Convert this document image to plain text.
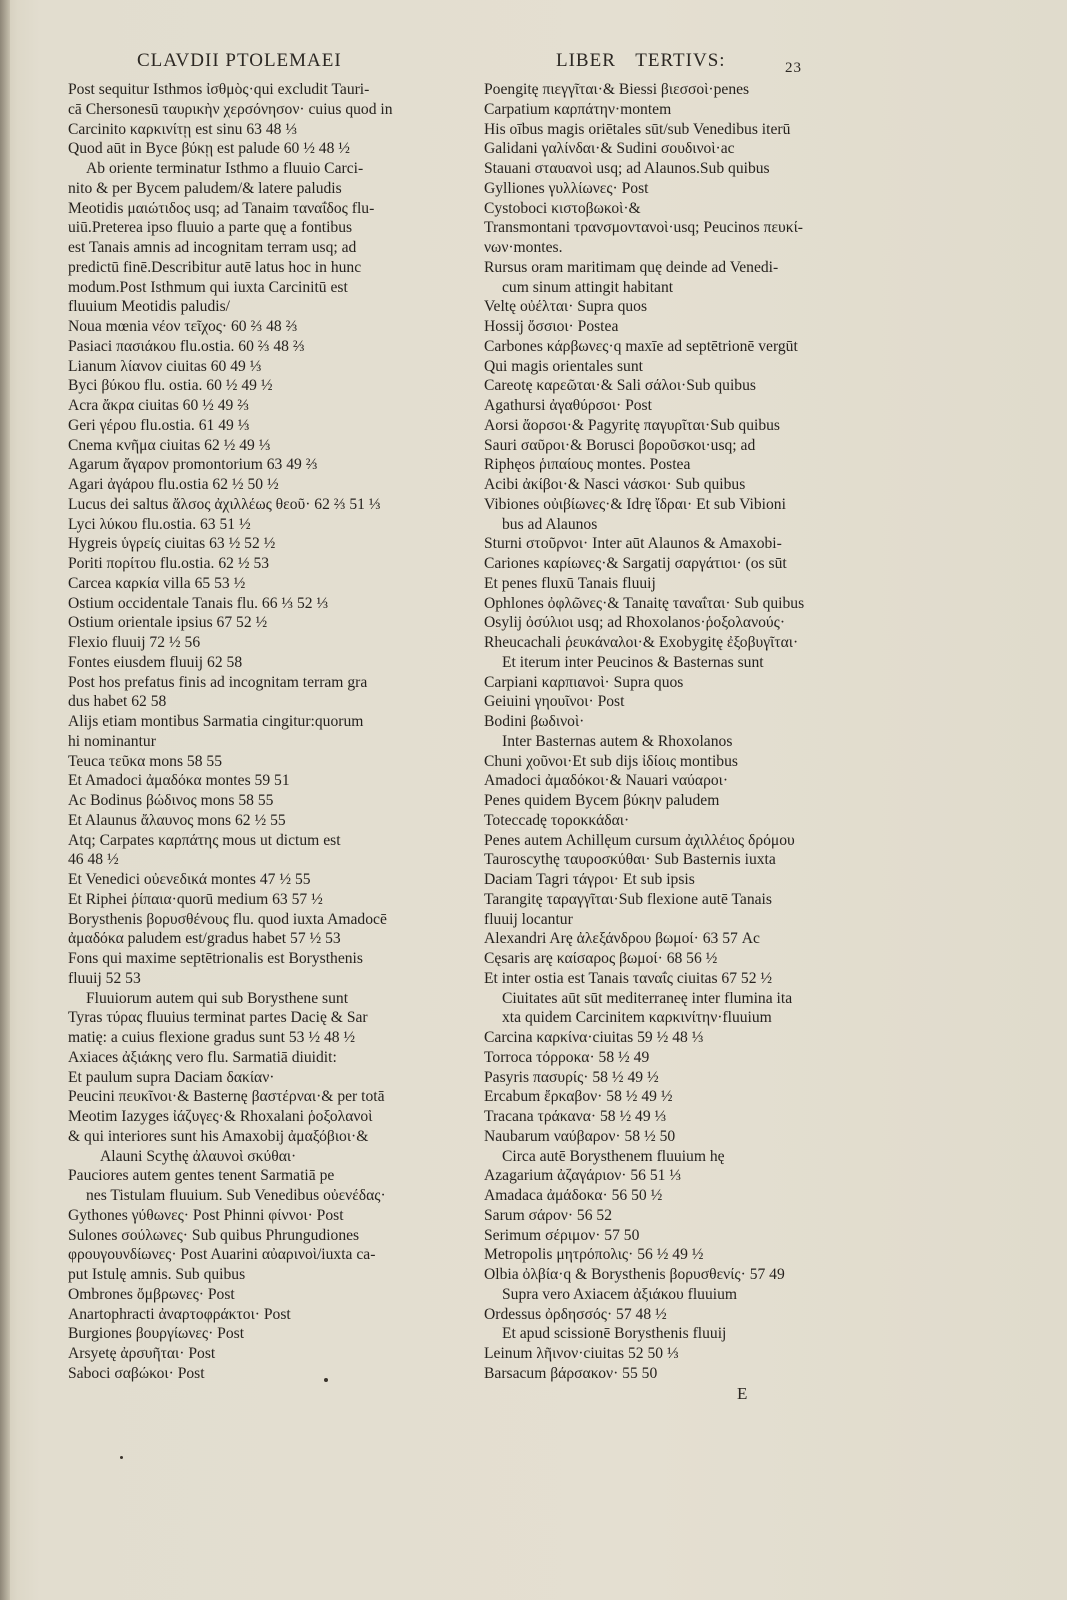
CLAVDII PTOLEMAEI	LIBER TERTIVS:	23
Post sequitur Isthmos ἰσθμὸς·qui excludit Tauri-
cā Chersonesū ταυρικὴν χερσόνησον· cuius quod in
Carcinito καρκινίτῃ est sinu 63 48 ⅓
Quod aūt in Byce βύκῃ est palude 60 ½ 48 ½
Ab oriente terminatur Isthmo a fluuio Carci-
nito & per Bycem paludem/& latere paludis
Meotidis μαιώτιδος usq; ad Tanaim ταναΐδος flu-
uiū.Preterea ipso fluuio a parte quę a fontibus
est Tanais amnis ad incognitam terram usq; ad
predictū finē.Describitur autē latus hoc in hunc
modum.Post Isthmum qui iuxta Carcinitū est
fluuium Meotidis paludis/
Noua mœnia νέον τεῖχος· 60 ⅔ 48 ⅔
Pasiaci πασιάκου flu.ostia. 60 ⅔ 48 ⅔
Lianum λίανον ciuitas 60 49 ⅓
Byci βύκου flu. ostia. 60 ½ 49 ½
Acra ἄκρα ciuitas 60 ½ 49 ⅔
Geri γέρου flu.ostia. 61 49 ⅓
Cnema κνῆμα ciuitas 62 ½ 49 ⅓
Agarum ἄγαρον promontorium 63 49 ⅔
Agari ἀγάρου flu.ostia 62 ½ 50 ½
Lucus dei saltus ἄλσος ἀχιλλέως θεοῦ· 62 ⅔ 51 ⅓
Lyci λύκου flu.ostia. 63 51 ½
Hygreis ὑγρείς ciuitas 63 ½ 52 ½
Poriti πορίτου flu.ostia. 62 ½ 53
Carcea καρκία villa 65 53 ½
Ostium occidentale Tanais flu. 66 ⅓ 52 ⅓
Ostium orientale ipsius 67 52 ½
Flexio fluuij 72 ½ 56
Fontes eiusdem fluuij 62 58
Post hos prefatus finis ad incognitam terram gra
dus habet 62 58
Alijs etiam montibus Sarmatia cingitur:quorum
hi nominantur
Teuca τεῦκα mons 58 55
Et Amadoci ἀμαδόκα montes 59 51
Ac Bodinus βώδινος mons 58 55
Et Alaunus ἄλαυνος mons 62 ½ 55
Atq; Carpates καρπάτης mous ut dictum est
46 48 ½
Et Venedici οὐενεδικά montes 47 ½ 55
Et Riphei ῥίπαια·quorū medium 63 57 ½
Borysthenis βορυσθένους flu. quod iuxta Amadocē
ἀμαδόκα paludem est/gradus habet 57 ½ 53
Fons qui maxime septētrionalis est Borysthenis
fluuij 52 53
Fluuiorum autem qui sub Borysthene sunt
Tyras τύρας fluuius terminat partes Dacię & Sar
matię: a cuius flexione gradus sunt 53 ½ 48 ½
Axiaces ἀξιάκης vero flu. Sarmatiā diuidit:
Et paulum supra Daciam δακίαν·
Peucini πευκῖνοι·& Basternę βαστέρναι·& per totā
Meotim Iazyges ἰάζυγες·& Rhoxalani ῥοξολανοὶ
& qui interiores sunt his Amaxobij ἀμαξόβιοι·&
Alauni Scythę ἀλαυνοὶ σκύθαι·
Pauciores autem gentes tenent Sarmatiā pe
nes Tistulam fluuium. Sub Venedibus οὐενέδας·
Gythones γύθωνες· Post Phinni φίννοι· Post
Sulones σούλωνες· Sub quibus Phrungudiones
φρουγουνδίωνες· Post Auarini αὐαρινοὶ/iuxta ca-
put Istulę amnis. Sub quibus
Ombrones ὄμβρωνες· Post
Anartophracti ἀναρτοφράκτοι· Post
Burgiones βουργίωνες· Post
Arsyetę ἀρσυῆται· Post
Saboci σαβώκοι· Post
Poengitę πιεγγῖται·& Biessi βιεσσοὶ·penes
Carpatium καρπάτην·montem
His oībus magis oriētales sūt/sub Venedibus iterū
Galidani γαλίνδαι·& Sudini σουδινοὶ·ac
Stauani σταυανοὶ usq; ad Alaunos.Sub quibus
Gylliones γυλλίωνες· Post
Cystoboci κιστοβωκοὶ·&
Transmontani τρανσμοντανοὶ·usq; Peucinos πευκί-
νων·montes.
Rursus oram maritimam quę deinde ad Venedi-
cum sinum attingit habitant
Veltę οὐέλται· Supra quos
Hossij ὄσσιοι· Postea
Carbones κάρβωνες·q maxīe ad septētrionē vergūt
Qui magis orientales sunt
Careotę καρεῶται·& Sali σάλοι·Sub quibus
Agathursi ἀγαθύρσοι· Post
Aorsi ἄορσοι·& Pagyritę παγυρῖται·Sub quibus
Sauri σαῦροι·& Borusci βοροῦσκοι·usq; ad
Riphęos ῥιπαίους montes. Postea
Acibi ἀκίβοι·& Nasci νάσκοι· Sub quibus
Vibiones οὐιβίωνες·& Idrę ἴδραι· Et sub Vibioni
bus ad Alaunos
Sturni στοῦρνοι· Inter aūt Alaunos & Amaxobi-
Cariones καρίωνες·& Sargatij σαργάτιοι· (os sūt
Et penes fluxū Tanais fluuij
Ophlones ὀφλῶνες·& Tanaitę ταναΐται· Sub quibus
Osylij ὀσύλιοι usq; ad Rhoxolanos·ῥοξολανούς·
Rheucachali ῥευκάναλοι·& Exobygitę ἐξοβυγῖται·
Et iterum inter Peucinos & Basternas sunt
Carpiani καρπιανοὶ· Supra quos
Geiuini γηουῖνοι· Post
Bodini βωδινοὶ·
Inter Basternas autem & Rhoxolanos
Chuni χοῦνοι·Et sub dijs ἰδίοις montibus
Amadoci ἀμαδόκοι·& Nauari ναύαροι·
Penes quidem Bycem βύκην paludem
Toteccadę τοροκκάδαι·
Penes autem Achillęum cursum ἀχιλλέιος δρόμου
Tauroscythę ταυροσκύθαι· Sub Basternis iuxta
Daciam Tagri τάγροι· Et sub ipsis
Tarangitę ταραγγῖται·Sub flexione autē Tanais
fluuij locantur
Alexandri Arę ἀλεξάνδρου βωμοί· 63 57 Ac
Cęsaris arę καίσαρος βωμοί· 68 56 ½
Et inter ostia est Tanais ταναΐς ciuitas 67 52 ½
Ciuitates aūt sūt mediterraneę inter flumina ita
xta quidem Carcinitem καρκινίτην·fluuium
Carcina καρκίνα·ciuitas 59 ½ 48 ⅓
Torroca τόρροκα· 58 ½ 49
Pasyris πασυρίς· 58 ½ 49 ½
Ercabum ἔρκαβον· 58 ½ 49 ½
Tracana τράκανα· 58 ½ 49 ⅓
Naubarum ναύβαρον· 58 ½ 50
Circa autē Borysthenem fluuium hę
Azagarium ἀζαγάριον· 56 51 ⅓
Amadaca ἀμάδοκα· 56 50 ½
Sarum σάρον· 56 52
Serimum σέριμον· 57 50
Metropolis μητρόπολις· 56 ½ 49 ½
Olbia ὀλβία·q & Borysthenis βορυσθενίς· 57 49
Supra vero Axiacem ἀξιάκου fluuium
Ordessus ὀρδησσός· 57 48 ½
Et apud scissionē Borysthenis fluuij
Leinum λῆινον·ciuitas 52 50 ⅓
Barsacum βάρσακον· 55 50
E
